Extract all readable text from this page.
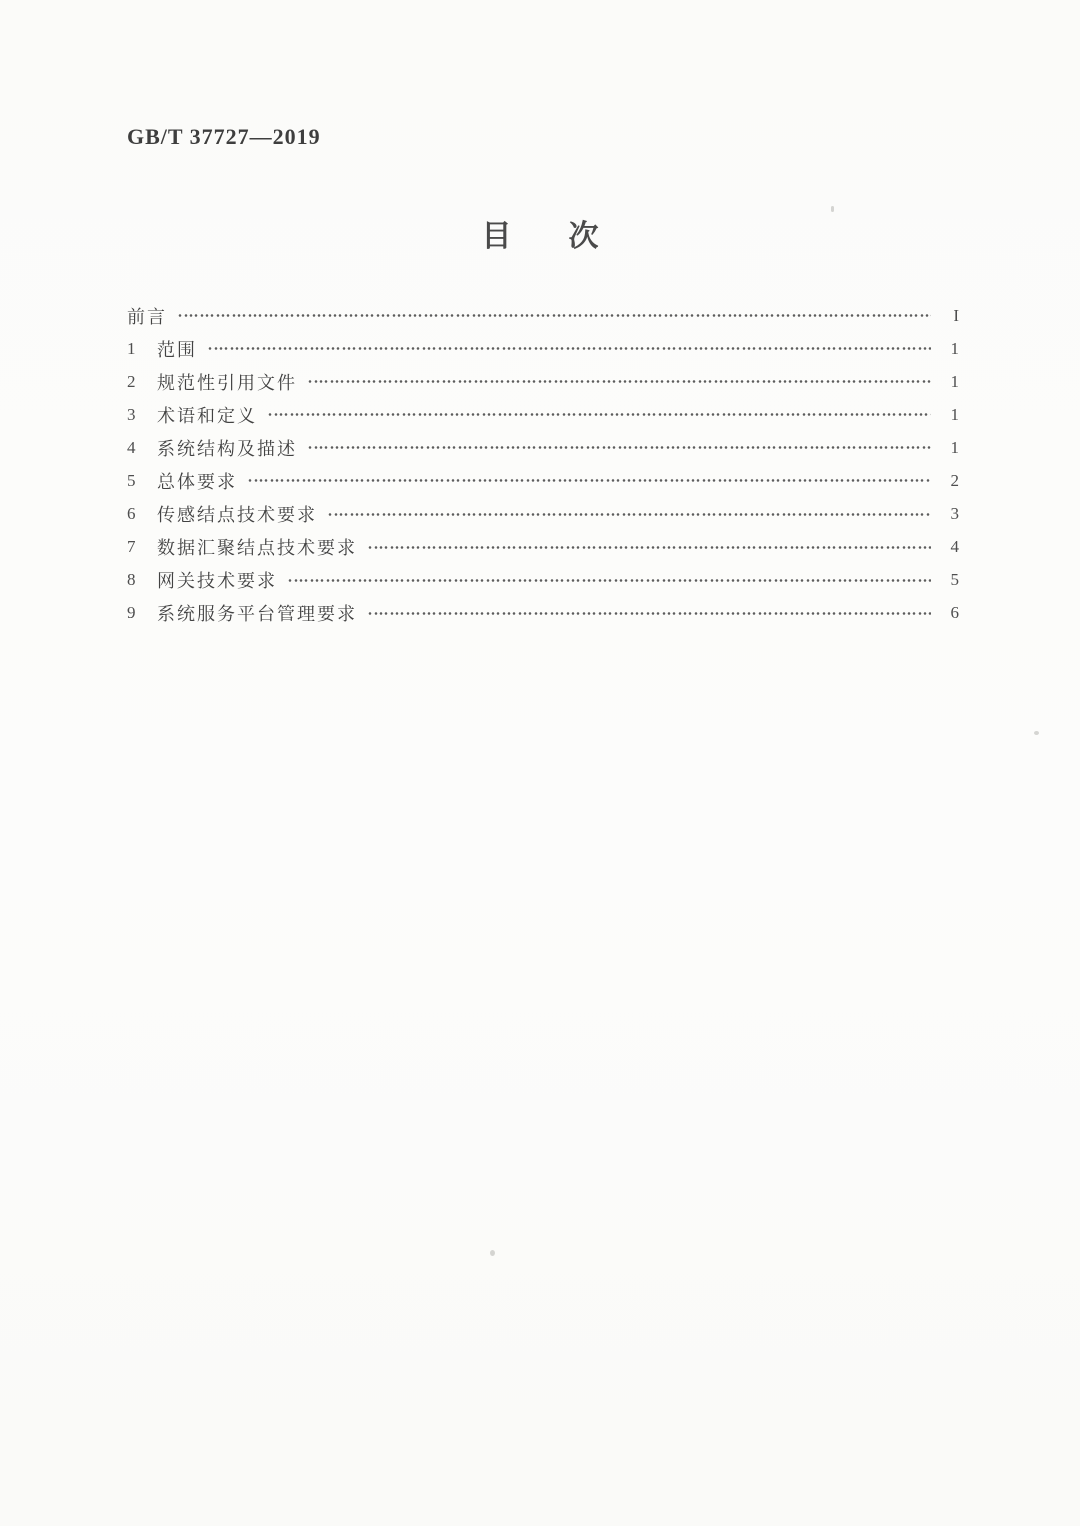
GB/T 37727—2019
目 次
前言	I
1	范围	1
2	规范性引用文件	1
3	术语和定义	1
4	系统结构及描述	1
5	总体要求	2
6	传感结点技术要求	3
7	数据汇聚结点技术要求	4
8	网关技术要求	5
9	系统服务平台管理要求	6
